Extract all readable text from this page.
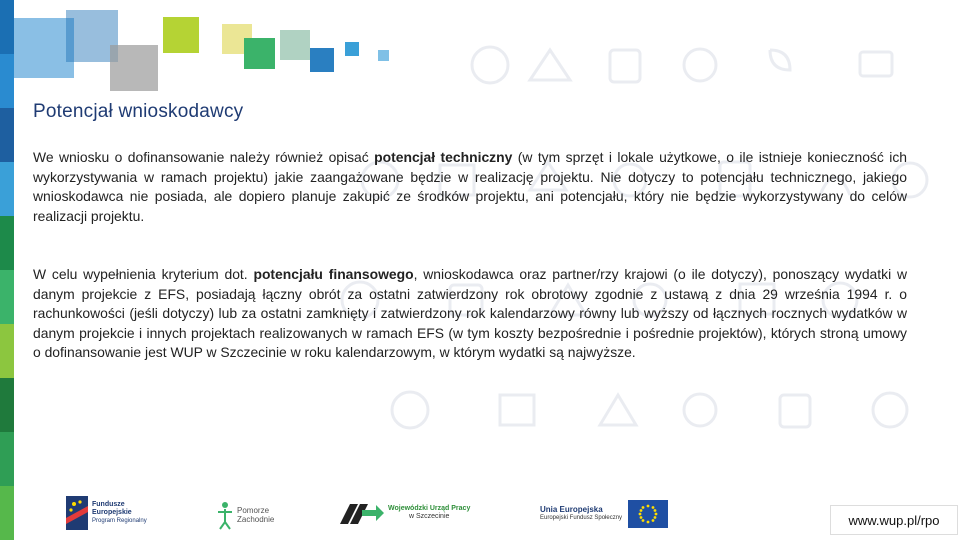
Potencjał wnioskodawcy

We wniosku o dofinansowanie należy również opisać potencjał techniczny (w tym sprzęt i lokale użytkowe, o ile istnieje konieczność ich wykorzystywania w ramach projektu) jakie zaangażowane będzie w realizację projektu. Nie dotyczy to potencjału technicznego, jakiego wnioskodawca nie posiada, ale dopiero planuje zakupić ze środków projektu, ani potencjału, który nie będzie wykorzystywany do celów realizacji projektu.

W celu wypełnienia kryterium dot. potencjału finansowego, wnioskodawca oraz partner/rzy krajowi (o ile dotyczy), ponoszący wydatki w danym projekcie z EFS, posiadają łączny obrót za ostatni zatwierdzony rok obrotowy zgodnie z ustawą z dnia 29 września 1994 r. o rachunkowości (jeśli dotyczy) lub za ostatni zamknięty i zatwierdzony rok kalendarzowy równy lub wyższy od łącznych rocznych wydatków w danym projekcie i innych projektach realizowanych w ramach EFS (w tym koszty bezpośrednie i pośrednie projektów), których stroną umowy o dofinansowanie jest WUP w Szczecinie w roku kalendarzowym, w którym wydatki są najwyższe.

Fundusze
Europejskie
Program Regionalny
Pomorze
Zachodnie
Wojewódzki Urząd Pracy
w Szczecinie
Unia Europejska
Europejski Fundusz Społeczny	www.wup.pl/rpo
